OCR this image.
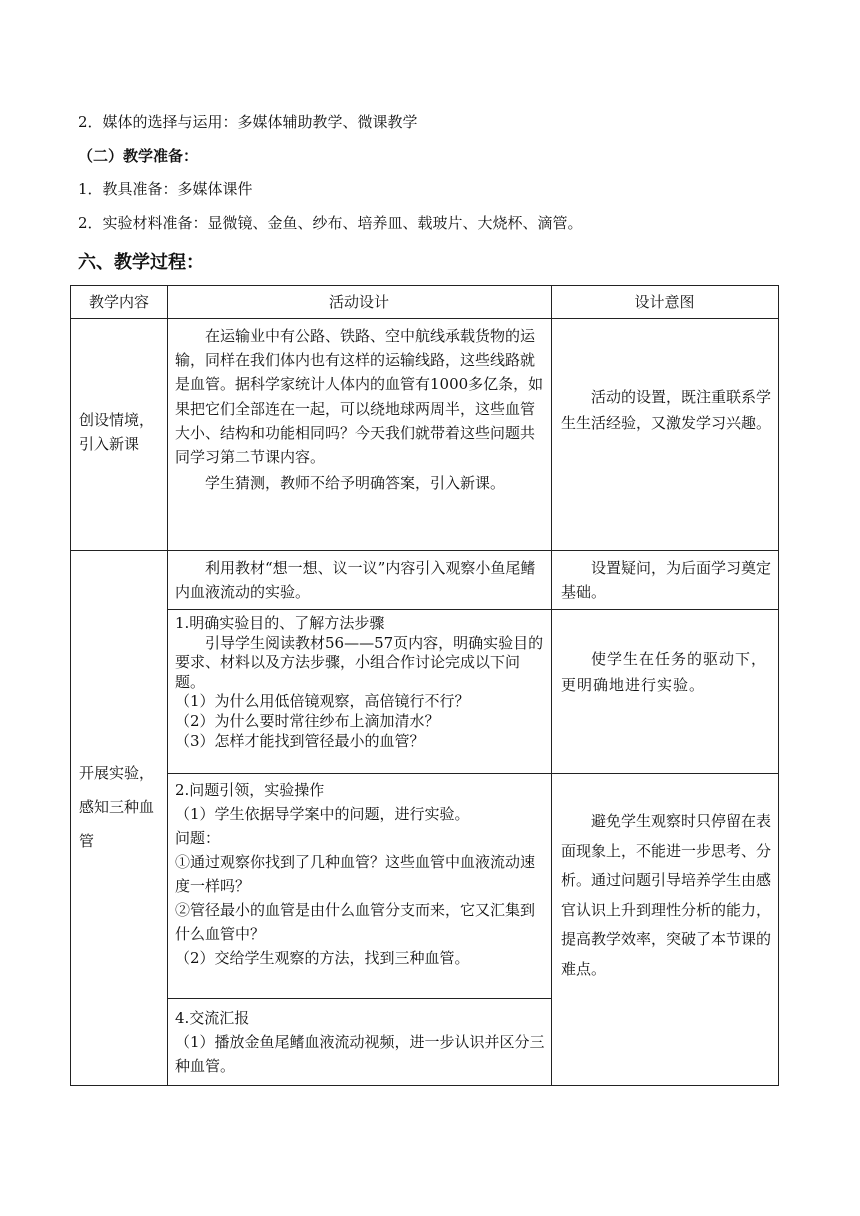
2．媒体的选择与运用：多媒体辅助教学、微课教学
（二）教学准备：
1．教具准备：多媒体课件
2．实验材料准备：显微镜、金鱼、纱布、培养皿、载玻片、大烧杯、滴管。
六、教学过程：
教学内容	活动设计	设计意图
创设情境，引入新课

在运输业中有公路、铁路、空中航线承载货物的运输，同样在我们体内也有这样的运输线路，这些线路就是血管。据科学家统计人体内的血管有1000多亿条，如果把它们全部连在一起，可以绕地球两周半，这些血管大小、结构和功能相同吗？今天我们就带着这些问题共同学习第二节课内容。

学生猜测，教师不给予明确答案，引入新课。

活动的设置，既注重联系学生生活经验，又激发学习兴趣。
开展实验，感知三种血管
利用教材“想一想、议一议”内容引入观察小鱼尾鳍内血液流动的实验。
设置疑问，为后面学习奠定基础。

1.明确实验目的、了解方法步骤

引导学生阅读教材56——57页内容，明确实验目的要求、材料以及方法步骤，小组合作讨论完成以下问题。

（1）为什么用低倍镜观察，高倍镜行不行？

（2）为什么要时常往纱布上滴加清水？

（3）怎样才能找到管径最小的血管？

使学生在任务的驱动下，更明确地进行实验。

2.问题引领，实验操作

（1）学生依据导学案中的问题，进行实验。

问题：

①通过观察你找到了几种血管？这些血管中血液流动速度一样吗？

②管径最小的血管是由什么血管分支而来，它又汇集到什么血管中？

（2）交给学生观察的方法，找到三种血管。

避免学生观察时只停留在表面现象上，不能进一步思考、分析。通过问题引导培养学生由感官认识上升到理性分析的能力，提高教学效率，突破了本节课的难点。

4.交流汇报

（1）播放金鱼尾鳍血液流动视频，进一步认识并区分三种血管。
